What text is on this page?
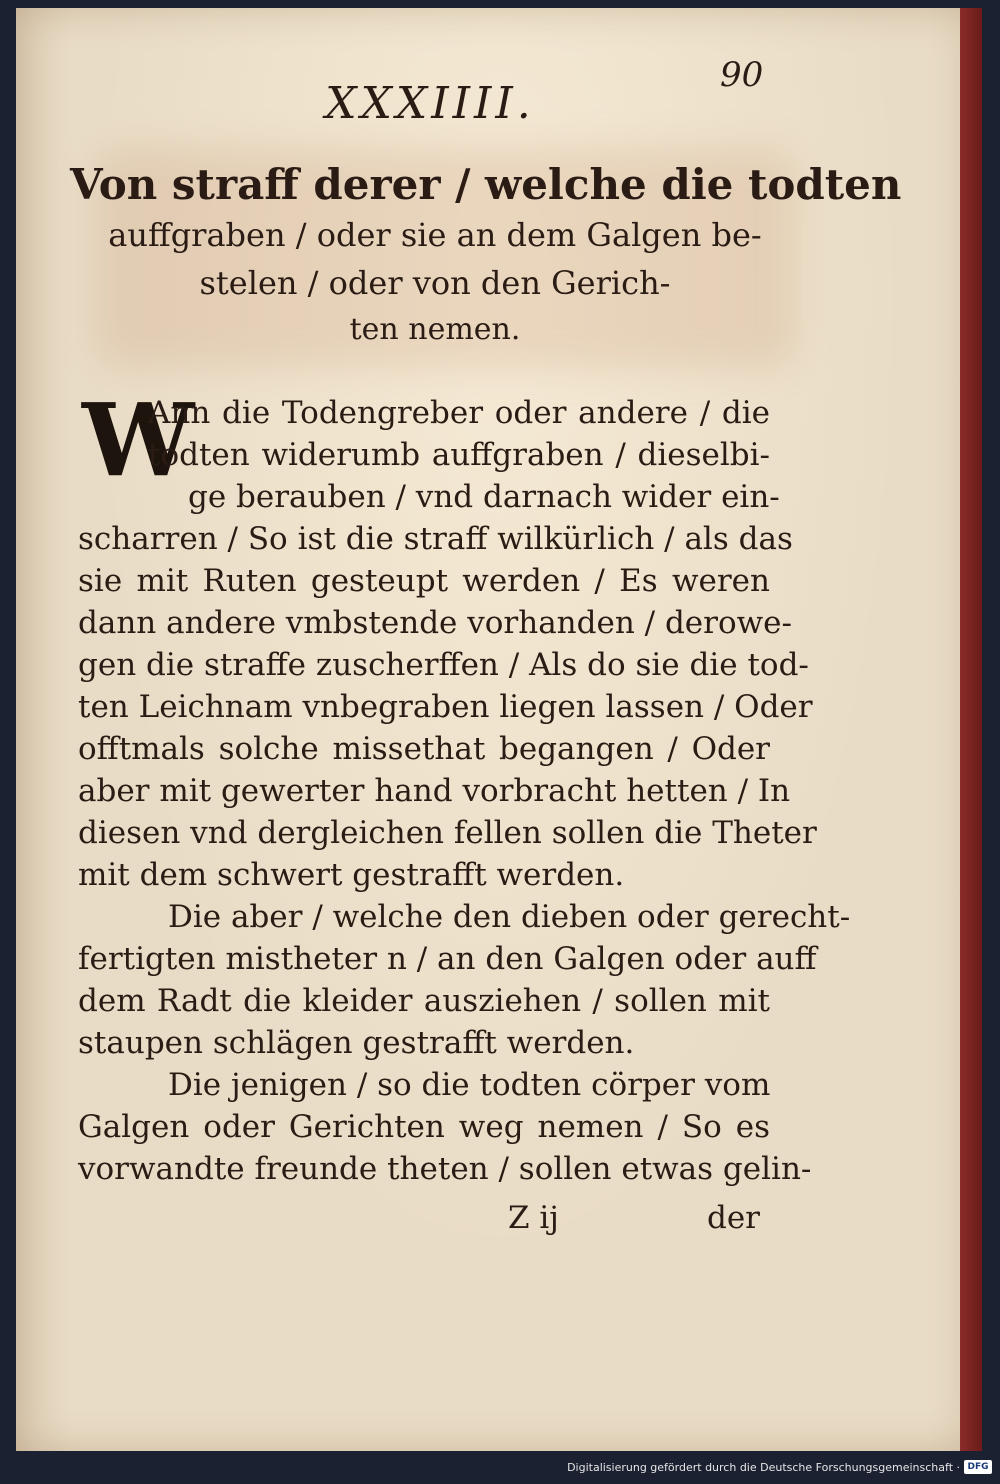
XXXIIII.
90
Von straff derer / welche die todten
auffgraben / oder sie an dem Galgen be-
stelen / oder von den Gerich-
ten nemen.
W
Ann die Todengreber oder andere / die
todten widerumb auffgraben / dieselbi-
ge berauben / vnd darnach wider ein-
scharren / So ist die straff wilkürlich / als das
sie mit Ruten gesteupt werden / Es weren
dann andere vmbstende vorhanden / derowe-
gen die straffe zuscherffen / Als do sie die tod-
ten Leichnam vnbegraben liegen lassen / Oder
offtmals solche missethat begangen / Oder
aber mit gewerter hand vorbracht hetten / In
diesen vnd dergleichen fellen sollen die Theter
mit dem schwert gestrafft werden.
Die aber / welche den dieben oder gerecht-
fertigten mistheter n / an den Galgen oder auff
dem Radt die kleider ausziehen / sollen mit
staupen schlägen gestrafft werden.
Die jenigen / so die todten cörper vom
Galgen oder Gerichten weg nemen / So es
vorwandte freunde theten / sollen etwas gelin-
Z ij	der
Digitalisierung gefördert durch die Deutsche Forschungsgemeinschaft · DFG
